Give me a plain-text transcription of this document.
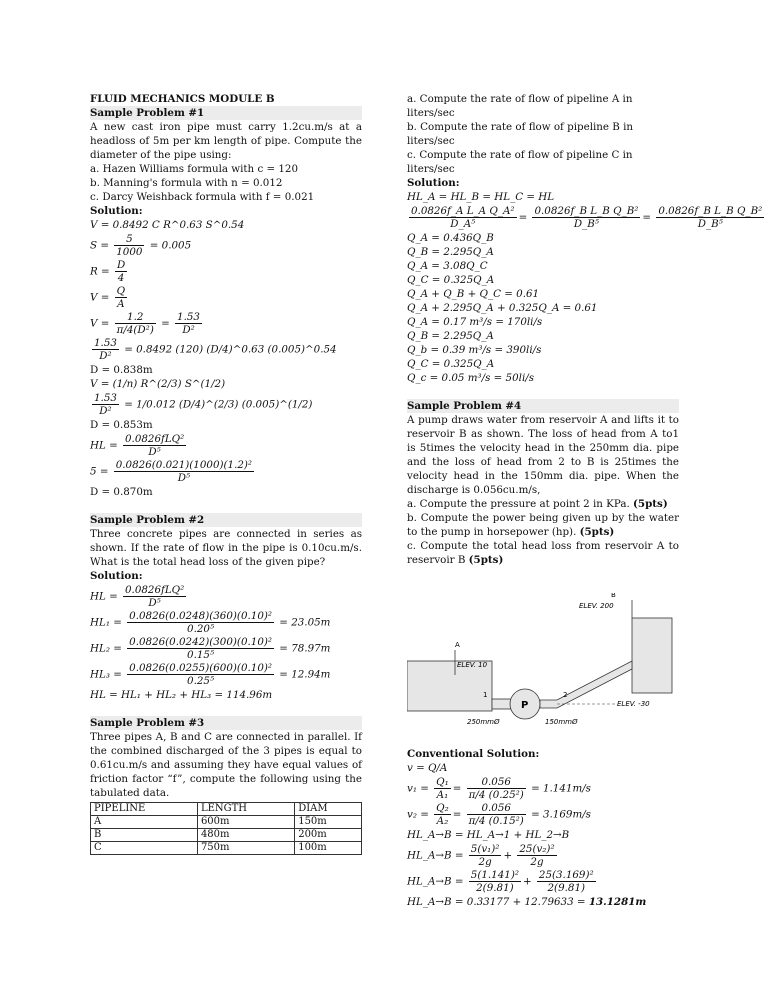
FLUID MECHANICS MODULE B
Sample Problem #1
A new cast iron pipe must carry 1.2cu.m/s at a headloss of 5m per km length of pipe. Compute the diameter of the pipe using:
a. Hazen Williams formula with c = 120
b. Manning's formula with n = 0.012
c. Darcy Weishback formula with f = 0.021
Solution:
V = 0.8492 C R^0.63 S^0.54
$S = \frac{5}{1000} = 0.005$
$R = \frac{D}{4}$
$V = \frac{Q}{A}$
$V = \frac{1.2}{\text{π/4(D²)}} = \frac{1.53}{\text{D²}}$
$\frac{1.53}{\text{D²}} = 0.8492$ (120) (D/4)^0.63 (0.005)^0.54
D = 0.838m
V = (1/n) R^(2/3) S^(1/2)
$\frac{1.53}{\text{D²}} = 1/0.012$ (D/4)^(2/3) (0.005)^(1/2)
D = 0.853m
HL = $\frac{\text{0.0826fLQ²}}{\text{D⁵}}$
$5 = \frac{\text{0.0826(0.021)(1000)(1.2)²}}{\text{D⁵}}$
D = 0.870m
Sample Problem #2
Three concrete pipes are connected in series as shown. If the rate of flow in the pipe is 0.10cu.m/s. What is the total head loss of the given pipe?
Solution:
HL = $\frac{\text{0.0826fLQ²}}{\text{D⁵}}$
$HL_1 = \frac{\text{0.0826(0.0248)(360)(0.10)²}}{\text{0.20⁵}} = 23.05m$
$HL_2 = \frac{\text{0.0826(0.0242)(300)(0.10)²}}{\text{0.15⁵}} = 78.97m$
$HL_3 = \frac{\text{0.0826(0.0255)(600)(0.10)²}}{\text{0.25⁵}} = 12.94m$
HL = HL₁ + HL₂ + HL₃ = 114.96m
Sample Problem #3
Three pipes A, B and C are connected in parallel. If the combined discharged of the 3 pipes is equal to 0.61cu.m/s and assuming they have equal values of friction factor “f”, compute the following using the tabulated data.
PIPELINE	LENGTH	DIAM
A	600m	150m
B	480m	200m
C	750m	100m
a. Compute the rate of flow of pipeline A in liters/sec
b. Compute the rate of flow of pipeline B in liters/sec
c. Compute the rate of flow of pipeline C in liters/sec
Solution:
HL_A = HL_B = HL_C = HL
$\frac{\text{0.0826f\_A L\_A Q\_A²}}{\text{D\_A⁵}} = \frac{\text{0.0826f\_B L\_B Q\_B²}}{\text{D\_B⁵}} = \frac{\text{0.0826f\_B L\_B Q\_B²}}{\text{D\_B⁵}}$
Q_A = 0.436Q_B
Q_B = 2.295Q_A
Q_A = 3.08Q_C
Q_C = 0.325Q_A
Q_A + Q_B + Q_C = 0.61
Q_A + 2.295Q_A + 0.325Q_A = 0.61
Q_A = 0.17 m³/s = 170li/s
Q_B = 2.295Q_A
Q_b = 0.39 m³/s = 390li/s
Q_C = 0.325Q_A
Q_c = 0.05 m³/s = 50li/s
Sample Problem #4
A pump draws water from reservoir A and lifts it to reservoir B as shown. The loss of head from A to1 is 5times the velocity head in the 250mm dia. pipe and the loss of head from 2 to B is 25times the velocity head in the 150mm dia. pipe. When the discharge is 0.056cu.m/s,
a. Compute the pressure at point 2 in KPa. (5pts)
b. Compute the power being given up by the water to the pump in horsepower (hp). (5pts)
c. Compute the total head loss from reservoir A to reservoir B (5pts)
B
ELEV. 200
A
ELEV. 10
1
250mmØ
P
2
150mmØ
ELEV. -30
Conventional Solution:
v = Q/A
$v_1 = \frac{\text{Q₁}}{\text{A₁}} = \frac{0.056}{\text{π/4 (0.25²)}} = 1.141m/s$
$v_2 = \frac{\text{Q₂}}{\text{A₂}} = \frac{0.056}{\text{π/4 (0.15²)}} = 3.169m/s$
HL_A→B = HL_A→1 + HL_2→B
HL_A→B = $\frac{\text{5(v₁)²}}{2g} + \frac{\text{25(v₂)²}}{2g}$
HL_A→B = $\frac{\text{5(1.141)²}}{2(9.81)} + \frac{\text{25(3.169)²}}{2(9.81)}$
HL_A→B = 0.33177 + 12.79633 = 13.1281m
